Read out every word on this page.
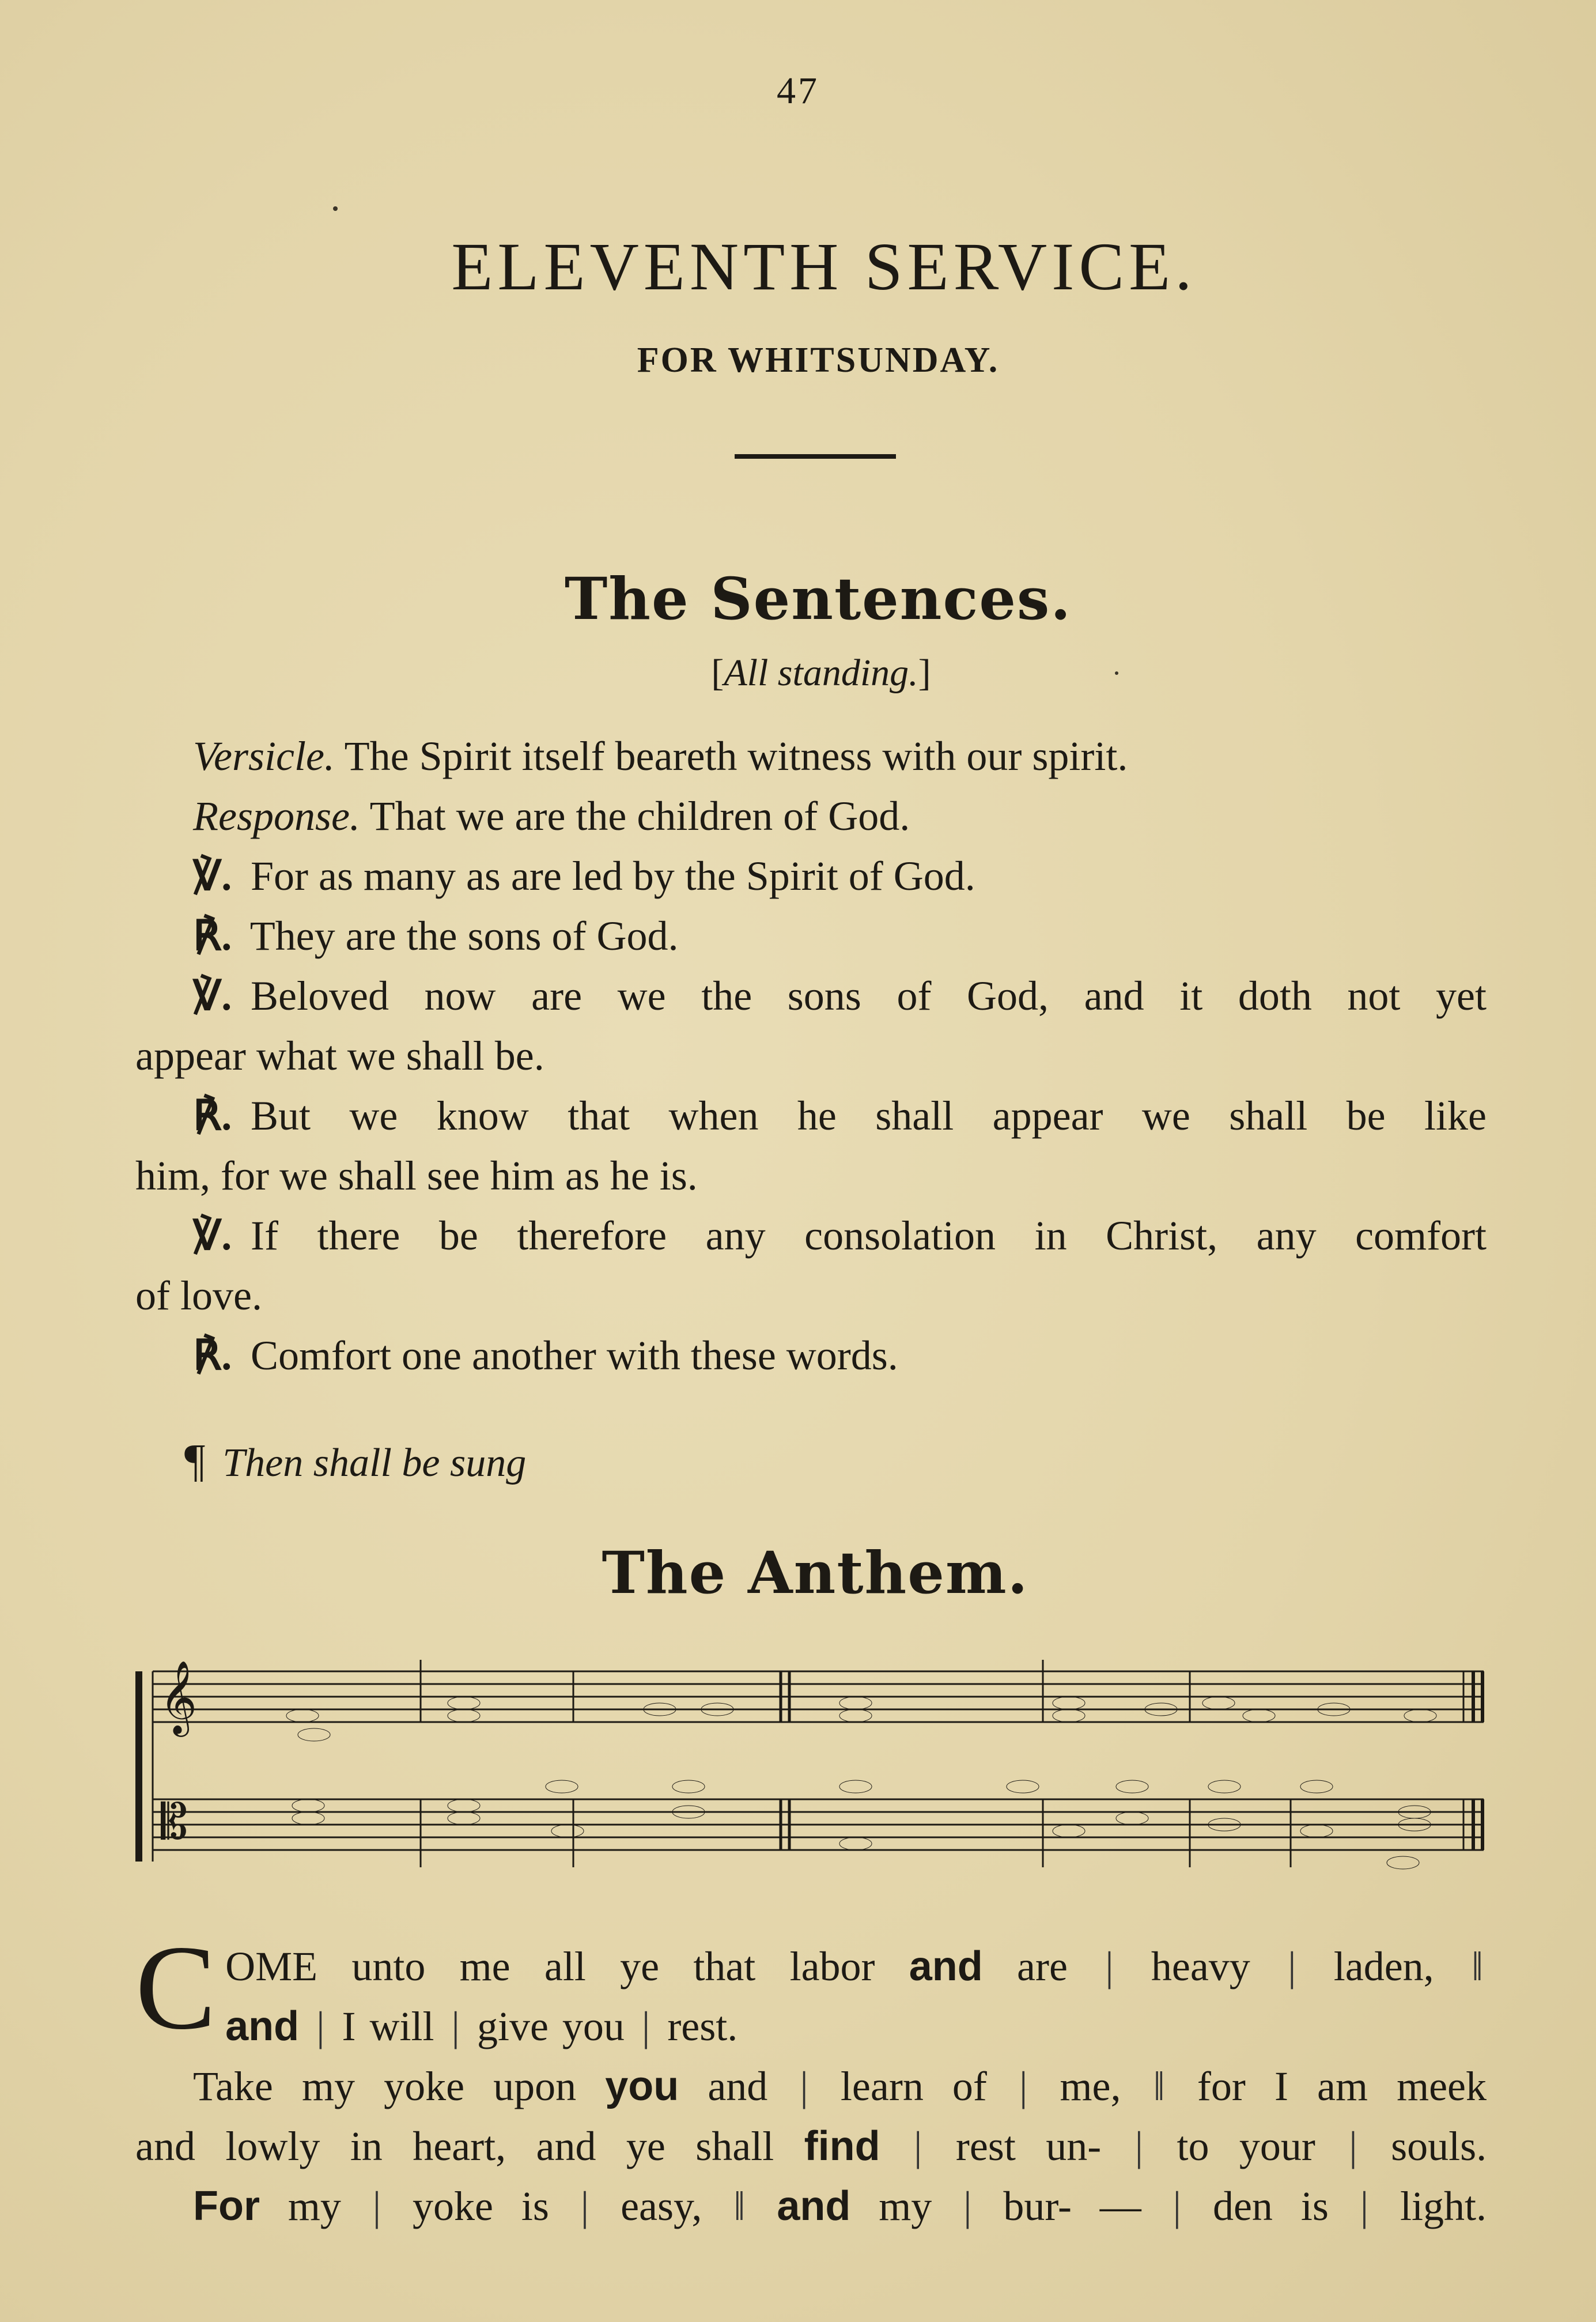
47
ELEVENTH SERVICE.
FOR WHITSUNDAY.
The Sentences.
[All standing.]
Versicle. The Spirit itself beareth witness with our spirit.
Response. That we are the children of God.
℣. For as many as are led by the Spirit of God.
℟. They are the sons of God.
℣. Beloved now are we the sons of God, and it doth not yet
appear what we shall be.
℟. But we know that when he shall appear we shall be like
him, for we shall see him as he is.
℣. If there be therefore any consolation in Christ, any comfort
of love.
℟. Comfort one another with these words.
¶ Then shall be sung
The Anthem.
𝄞
𝄡
C OME unto me all ye that labor and are | heavy | laden, ‖
and | I will | give you | rest.
Take my yoke upon you and | learn of | me, ‖ for I am meek
and lowly in heart, and ye shall find | rest un- | to your | souls.
For my | yoke is | easy, ‖ and my | bur- — | den is | light.
